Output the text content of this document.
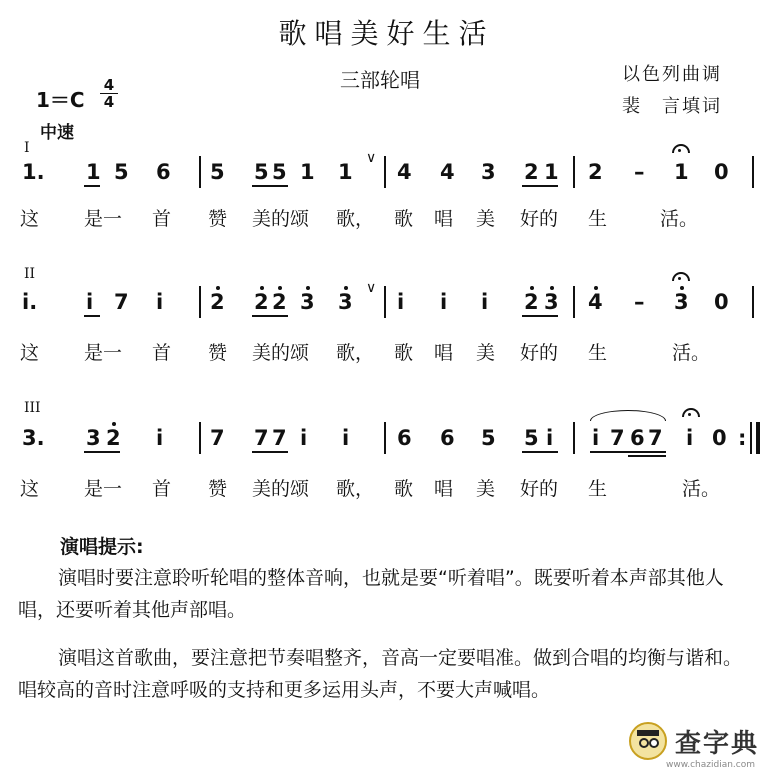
歌唱美好生活
三部轮唱	以色列曲调
裴　言填词
1＝C
4
4
中速
I
1. 1 5 6 5 5 5 1 1
∨
4 4 3 2 1 2 – 1 0
这 是一 首 赞 美的颂 歌， 歌 唱 美 好的 生	活。
II
i. i 7 i 2 2 2 3 3
∨
i i i 2 3 4 – 3 0
这 是一 首 赞 美的颂 歌， 歌 唱 美 好的 生	活。
III
3. 3 2 i 7 7 7 i i 6 6 5 5 i i 7 6 7 i 0 :
这 是一 首 赞 美的颂 歌， 歌 唱 美 好的 生	活。
演唱提示:
演唱时要注意聆听轮唱的整体音响，也就是要“听着唱”。既要听着本声部其他人唱，还要听着其他声部唱。
演唱这首歌曲，要注意把节奏唱整齐，音高一定要唱准。做到合唱的均衡与谐和。唱较高的音时注意呼吸的支持和更多运用头声，不要大声喊唱。
查字典
www.chazidian.com
